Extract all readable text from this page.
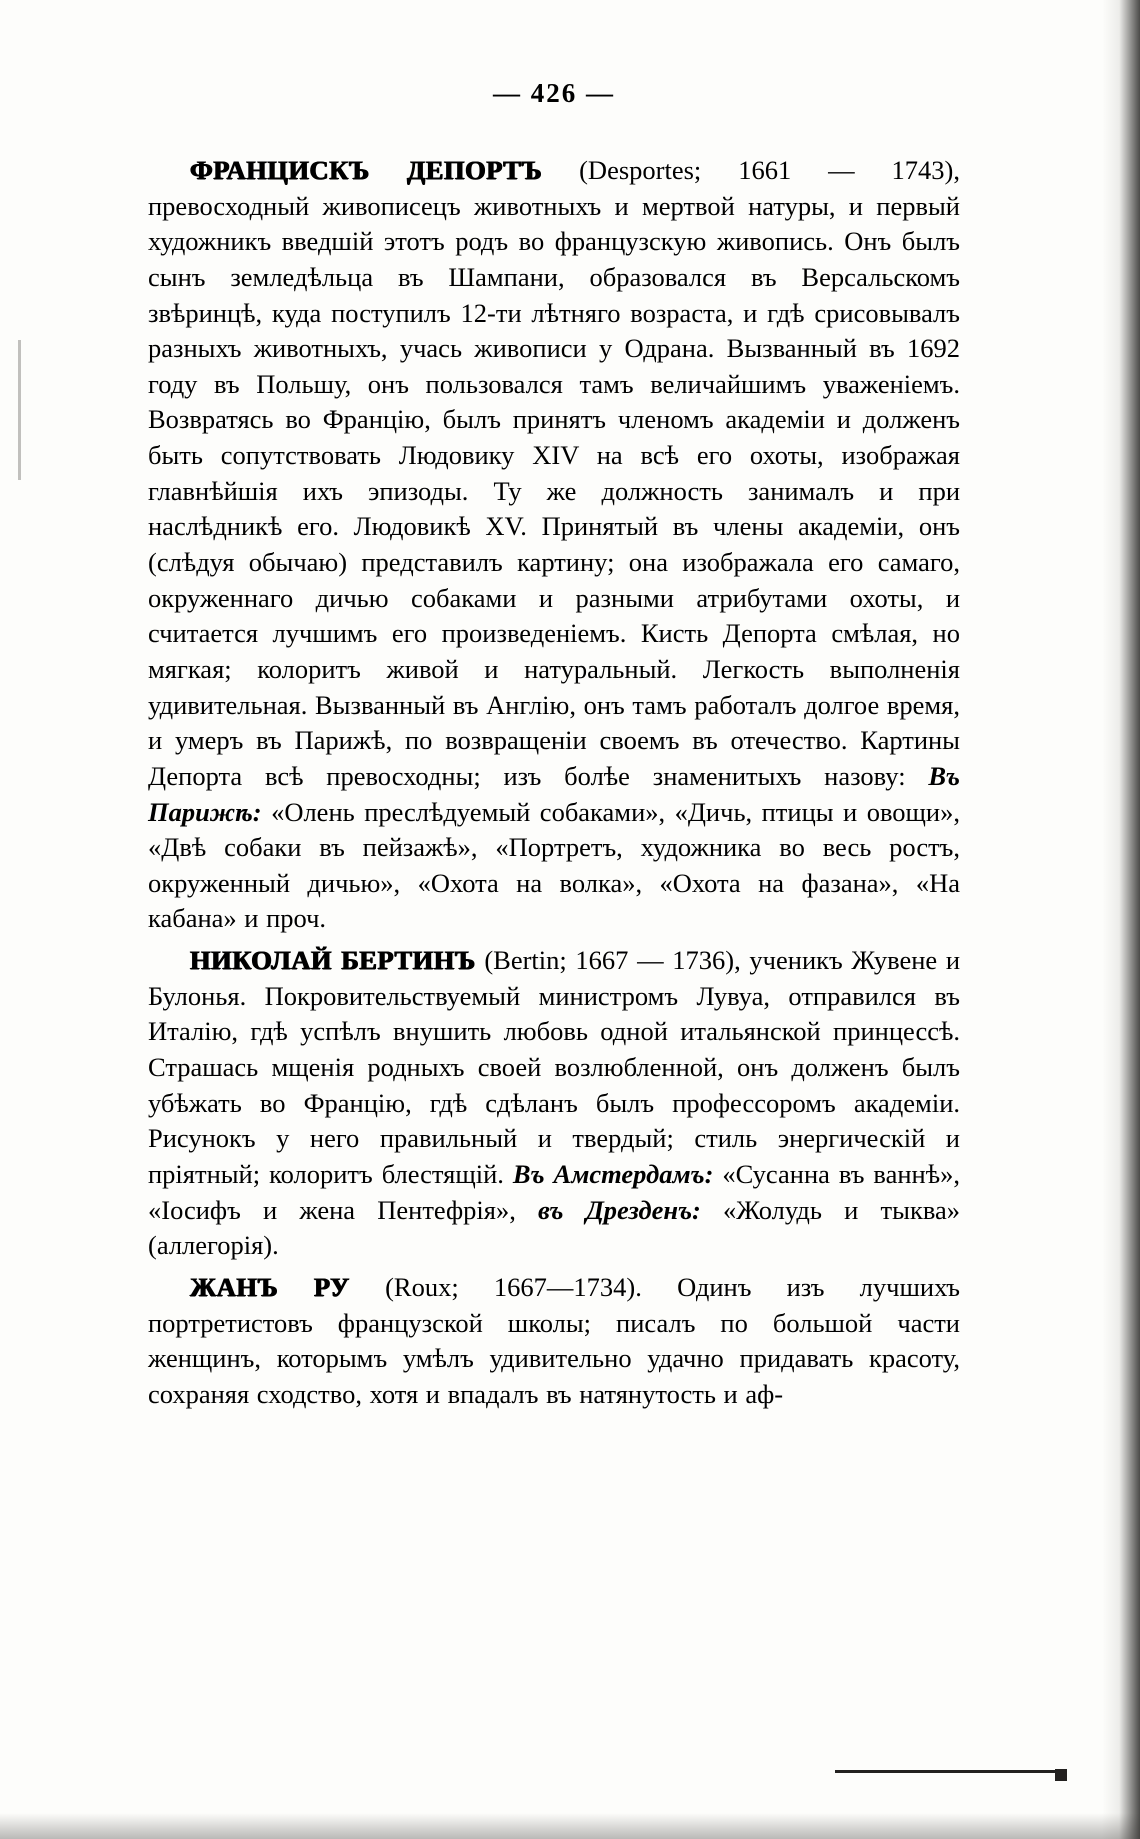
— 426 —

ФРАНЦИСКЪ ДЕПОРТЪ (Desportes; 1661 — 1743), превосходный живописецъ животныхъ и мертвой натуры, и первый художникъ введшій этотъ родъ во французскую живопись. Онъ былъ сынъ земледѣльца въ Шампани, образовался въ Версальскомъ звѣринцѣ, куда поступилъ 12-ти лѣтняго возраста, и гдѣ срисовывалъ разныхъ животныхъ, учась живописи у Одрана. Вызванный въ 1692 году въ Польшу, онъ пользовался тамъ величайшимъ уваженіемъ. Возвратясь во Францію, былъ принятъ членомъ академіи и долженъ быть сопутствовать Людовику XIV на всѣ его охоты, изображая главнѣйшія ихъ эпизоды. Ту же должность занималъ и при наслѣдникѣ его. Людовикѣ XV. Принятый въ члены академіи, онъ (слѣдуя обычаю) представилъ картину; она изображала его самаго, окруженнаго дичью собаками и разными атрибутами охоты, и считается лучшимъ его произведеніемъ. Кисть Депорта смѣлая, но мягкая; колоритъ живой и натуральный. Легкость выполненія удивительная. Вызванный въ Англію, онъ тамъ работалъ долгое время, и умеръ въ Парижѣ, по возвращеніи своемъ въ отечество. Картины Депорта всѣ превосходны; изъ болѣе знаменитыхъ назову: Въ Парижѣ: «Олень преслѣдуемый собаками», «Дичь, птицы и овощи», «Двѣ собаки въ пейзажѣ», «Портретъ, художника во весь ростъ, окруженный дичью», «Охота на волка», «Охота на фазана», «На кабана» и проч.

НИКОЛАЙ БЕРТИНЪ (Bertin; 1667 — 1736), ученикъ Жувене и Булонья. Покровительствуемый министромъ Лувуа, отправился въ Италію, гдѣ успѣлъ внушить любовь одной итальянской принцессѣ. Страшась мщенія родныхъ своей возлюбленной, онъ долженъ былъ убѣжать во Францію, гдѣ сдѣланъ былъ профессоромъ академіи. Рисунокъ у него правильный и твердый; стиль энергическій и пріятный; колоритъ блестящій. Въ Амстердамъ: «Сусанна въ ваннѣ», «Іосифъ и жена Пентефрія», въ Дрезденъ: «Жолудь и тыква» (аллегорія).

ЖАНЪ РУ (Roux; 1667—1734). Одинъ изъ лучшихъ портретистовъ французской школы; писалъ по большой части женщинъ, которымъ умѣлъ удивительно удачно придавать красоту, сохраняя сходство, хотя и впадалъ въ натянутость и аф-
